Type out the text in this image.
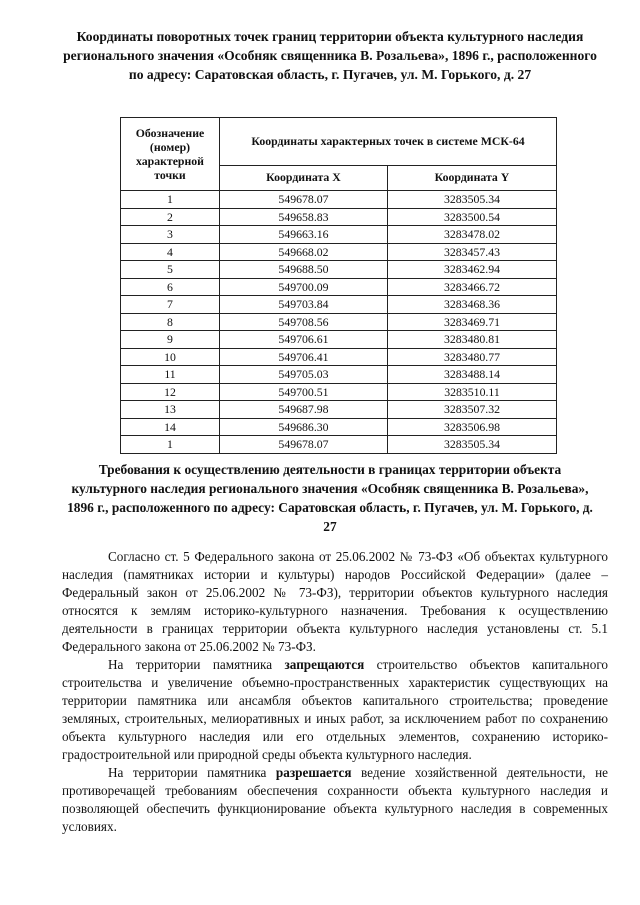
Координаты поворотных точек границ территории объекта культурного наследия регионального значения «Особняк священника В. Розальева», 1896 г., расположенного по адресу: Саратовская область, г. Пугачев, ул. М. Горького, д. 27
Обозначение (номер) характерной точки	Координаты характерных точек в системе МСК-64	
	Координата X	Координата Y
1	549678.07	3283505.34
2	549658.83	3283500.54
3	549663.16	3283478.02
4	549668.02	3283457.43
5	549688.50	3283462.94
6	549700.09	3283466.72
7	549703.84	3283468.36
8	549708.56	3283469.71
9	549706.61	3283480.81
10	549706.41	3283480.77
11	549705.03	3283488.14
12	549700.51	3283510.11
13	549687.98	3283507.32
14	549686.30	3283506.98
1	549678.07	3283505.34
Требования к осуществлению деятельности в границах территории объекта культурного наследия регионального значения «Особняк священника В. Розальева», 1896 г., расположенного по адресу: Саратовская область, г. Пугачев, ул. М. Горького, д. 27

Согласно ст. 5 Федерального закона от 25.06.2002 № 73-ФЗ «Об объектах культурного наследия (памятниках истории и культуры) народов Российской Федерации» (далее – Федеральный закон от 25.06.2002 № 73-ФЗ), территории объектов культурного наследия относятся к землям историко-культурного назначения. Требования к осуществлению деятельности в границах территории объекта культурного наследия установлены ст. 5.1 Федерального закона от 25.06.2002 № 73-ФЗ.

На территории памятника запрещаются строительство объектов капитального строительства и увеличение объемно-пространственных характеристик существующих на территории памятника или ансамбля объектов капитального строительства; проведение земляных, строительных, мелиоративных и иных работ, за исключением работ по сохранению объекта культурного наследия или его отдельных элементов, сохранению историко-градостроительной или природной среды объекта культурного наследия.

На территории памятника разрешается ведение хозяйственной деятельности, не противоречащей требованиям обеспечения сохранности объекта культурного наследия и позволяющей обеспечить функционирование объекта культурного наследия в современных условиях.
